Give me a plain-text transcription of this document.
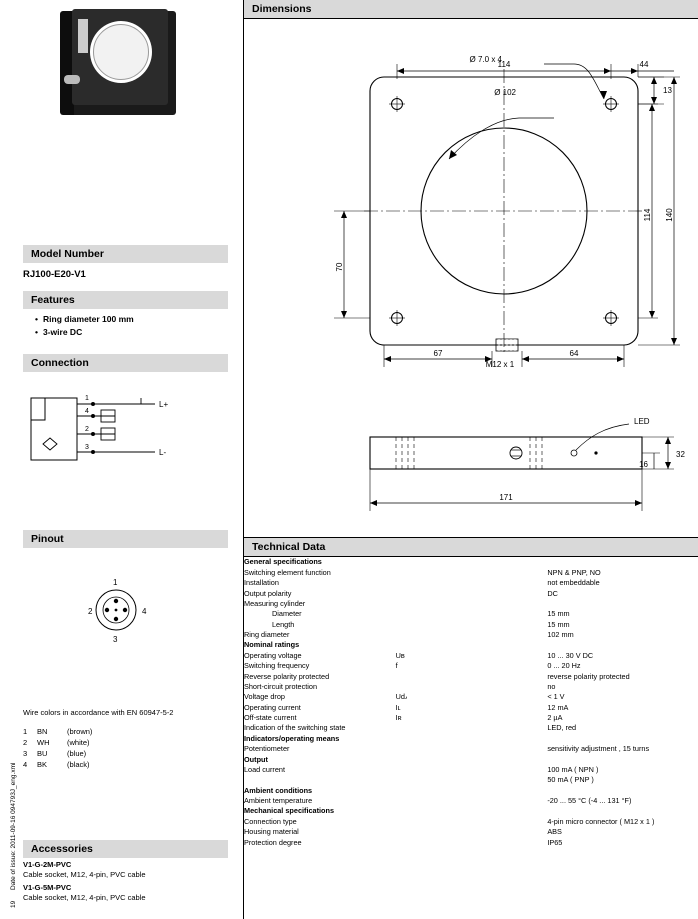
Model Number
RJ100-E20-V1
Features
• Ring diameter 100 mm
• 3-wire DC
Connection
1
4
2
3
L+
L-
Pinout
1
4
3
2
Wire colors in accordance with EN 60947-5-2
1	BN	(brown)
2	WH	(white)
3	BU	(blue)
4	BK	(black)
Accessories
V1-G-2M-PVC
Cable socket, M12, 4-pin, PVC cable
V1-G-5M-PVC
Cable socket, M12, 4-pin, PVC cable
19
Date of issue: 2011-09-16 094793J_eng.xml
Dimensions
Ø 7.0 x 4
Ø 102
114	44
13
114 140
70
M12 x 1
67	64
LED
32
16
171
Technical Data
General specifications		
Switching element function		NPN & PNP, NO
Installation		not embeddable
Output polarity		DC
Measuring cylinder		
Diameter		15 mm
Length		15 mm
Ring diameter		102 mm
Nominal ratings		
Operating voltage	Uʙ	10 ... 30 V DC
Switching frequency	f	0 ... 20 Hz
Reverse polarity protected		reverse polarity protected
Short-circuit protection		no
Voltage drop	Uԃ	< 1 V
Operating current	Iʟ	12 mA
Off-state current	Iʀ	2 µA
Indication of the switching state		LED, red
Indicators/operating means		
Potentiometer		sensitivity adjustment , 15 turns
Output		
Load current		100 mA ( NPN )
		50 mA ( PNP )
Ambient conditions		
Ambient temperature		-20 ... 55 °C (-4 ... 131 °F)
Mechanical specifications		
Connection type		4-pin micro connector ( M12 x 1 )
Housing material		ABS
Protection degree		IP65
